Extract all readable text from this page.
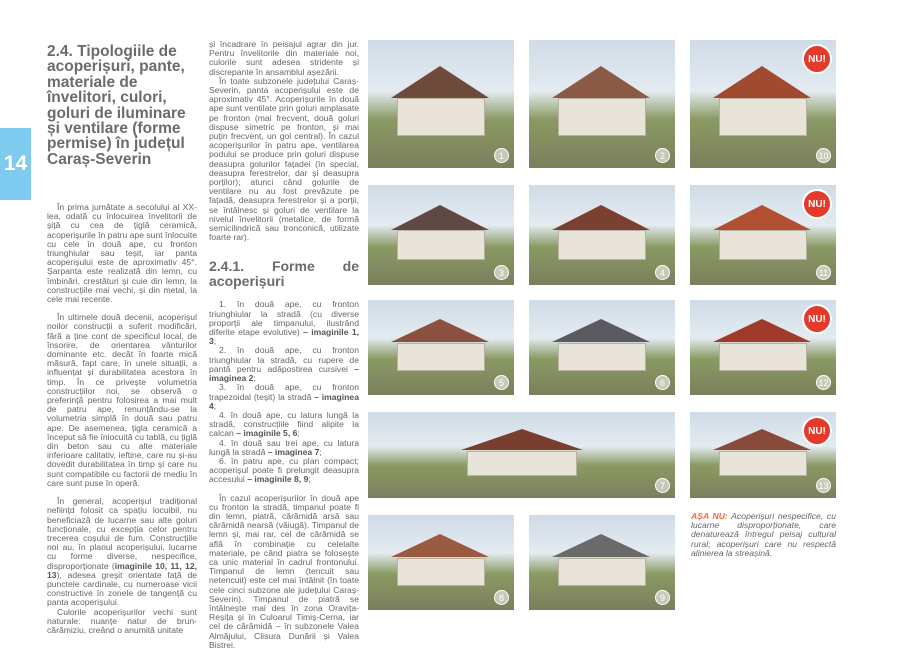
14
2.4. Tipologiile de acoperișuri, pante, materiale de învelitori, culori, goluri de iluminare și ventilare (forme permise) în județul Caraș-Severin

În prima jumătate a secolului al XX-lea, odată cu înlocuirea învelitorii de șiță cu cea de țiglă ceramică, acoperișurile în patru ape sunt înlocuite cu cele în două ape, cu fronton triunghiular sau teșit, iar panta acoperișului este de aproximativ 45°. Șarpanta este realizată din lemn, cu îmbinări, crestături și cuie din lemn, la construcțiile mai vechi, și din metal, la cele mai recente.

În ultimele două decenii, acoperișul noilor construcții a suferit modificări, fără a ține cont de specificul local, de însorire, de orientarea vânturilor dominante etc. decât în foarte mică măsură, fapt care, în unele situații, a influențat și durabilitatea acestora în timp. În ce privește volumetria construcțiilor noi, se observă o preferință pentru folosirea a mai mult de patru ape, renunțându-se la volumetria simplă în două sau patru ape. De asemenea, țigla ceramică a început să fie înlocuită cu tablă, cu țiglă din beton sau cu alte materiale inferioare calitativ, ieftine, care nu și-au dovedit durabilitatea în timp și care nu sunt compatibile cu factorii de mediu în care sunt puse în operă.

În general, acoperișul tradițional neființd folosit ca spațiu locuibil, nu beneficiază de lucarne sau alte goluri funcționale, cu excepția celor pentru trecerea coșului de fum. Construcțiile noi au, în planul acoperișului, lucarne cu forme diverse, nespecifice, disproporționate (imaginile 10, 11, 12, 13), adesea greșit orientate față de punctele cardinale, cu numeroase vicii constructive în zonele de tangență cu panta acoperișului.

Culorile acoperișurilor vechi sunt naturale: nuanțe natur de brun-cărămiziu, creând o anumită unitate

și încadrare în peisajul agrar din jur. Pentru învelitorile din materiale noi, culorile sunt adesea stridente și discrepante în ansamblul așezării.

În toate subzonele județului Caraș-Severin, panta acoperișului este de aproximativ 45°. Acoperișurile în două ape sunt ventilate prin goluri amplasate pe fronton (mai frecvent, două goluri dispuse simetric pe fronton, și mai puțin frecvent, un gol central). În cazul acoperișurilor în patru ape, ventilarea podului se produce prin goluri dispuse deasupra golurilor fațadei (în special, deasupra ferestrelor, dar și deasupra porților); atunci când golurile de ventilare nu au fost prevăzute pe fațadă, deasupra ferestrelor și a porții, se întâlnesc și goluri de ventilare la nivelul învelitorii (metalice, de formă semicilindrică sau tronconică, utilizate foarte rar).

2.4.1. Forme de acoperișuri

1. în două ape, cu fronton triunghiular la stradă (cu diverse proporții ale timpanului, ilustrând diferite etape evolutive) – imaginile 1, 3;

2. în două ape, cu fronton triunghiular la stradă, cu rupere de pantă pentru adăpostirea cursivei – imaginea 2;

3. în două ape, cu fronton trapezoidal (teșit) la stradă – imaginea 4;

4. în două ape, cu latura lungă la stradă, construcțiile fiind alipite la calcan – imaginile 5, 6;

4. în două sau trei ape, cu latura lungă la stradă – imaginea 7;

6. în patru ape, cu plan compact; acoperișul poate fi prelungit deasupra accesului – imaginile 8, 9;

În cazul acoperișurilor în două ape cu fronton la stradă, timpanul poate fi din lemn, piatră, cărămidă arsă sau cărămidă nearsă (văiugă). Timpanul de lemn și, mai rar, cel de cărămidă se află în combinație cu celelalte materiale, pe când piatra se folosește ca unic material în cadrul frontonului. Timpanul de lemn (tencuit sau netencuit) este cel mai întâlnit (în toate cele cinci subzone ale județului Caraș-Severin). Timpanul de piatră se întâlnește mai des în zona Oravița-Reșița și în Culoarul Timiș-Cerna, iar cel de cărămidă – în subzonele Valea Almăjului, Clisura Dunării și Valea Bistrei.

1	2
3	4
5	6
7
8	9
10
NU!
11
NU!
12
NU!
13
NU!
AȘA NU: Acoperișuri nespecifice, cu lucarne disproporționate, care denaturează întregul peisaj cultural rural; acoperișuri care nu respectă alinierea la streașină.
